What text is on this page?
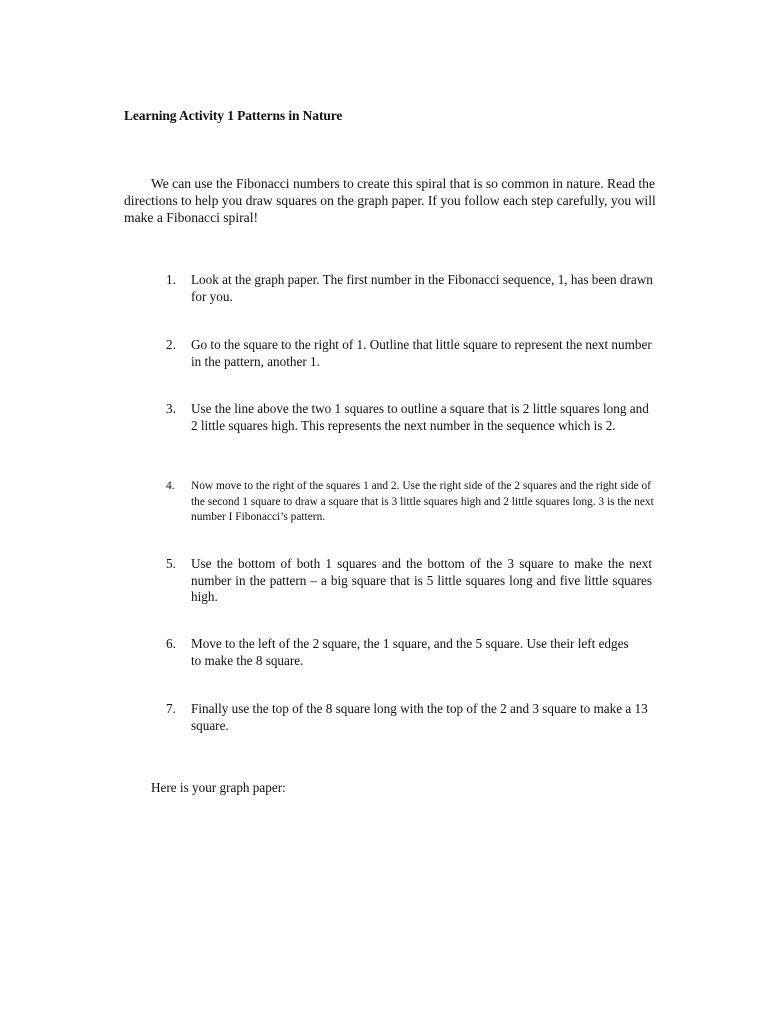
Learning Activity 1 Patterns in Nature
We can use the Fibonacci numbers to create this spiral that is so common in nature. Read the directions to help you draw squares on the graph paper. If you follow each step carefully, you will make a Fibonacci spiral!
1.	Look at the graph paper. The first number in the Fibonacci sequence, 1, has been drawn for you.
2.	Go to the square to the right of 1. Outline that little square to represent the next number in the pattern, another 1.
3.	Use the line above the two 1 squares to outline a square that is 2 little squares long and 2 little squares high. This represents the next number in the sequence which is 2.
4.	Now move to the right of the squares 1 and 2. Use the right side of the 2 squares and the right side of the second 1 square to draw a square that is 3 little squares high and 2 little squares long. 3 is the next number I Fibonacci’s pattern.
5.	Use the bottom of both 1 squares and the bottom of the 3 square to make the next number in the pattern – a big square that is 5 little squares long and five little squares high.
6.	Move to the left of the 2 square, the 1 square, and the 5 square. Use their left edges to make the 8 square.
7.	Finally use the top of the 8 square long with the top of the 2 and 3 square to make a 13 square.
Here is your graph paper:
